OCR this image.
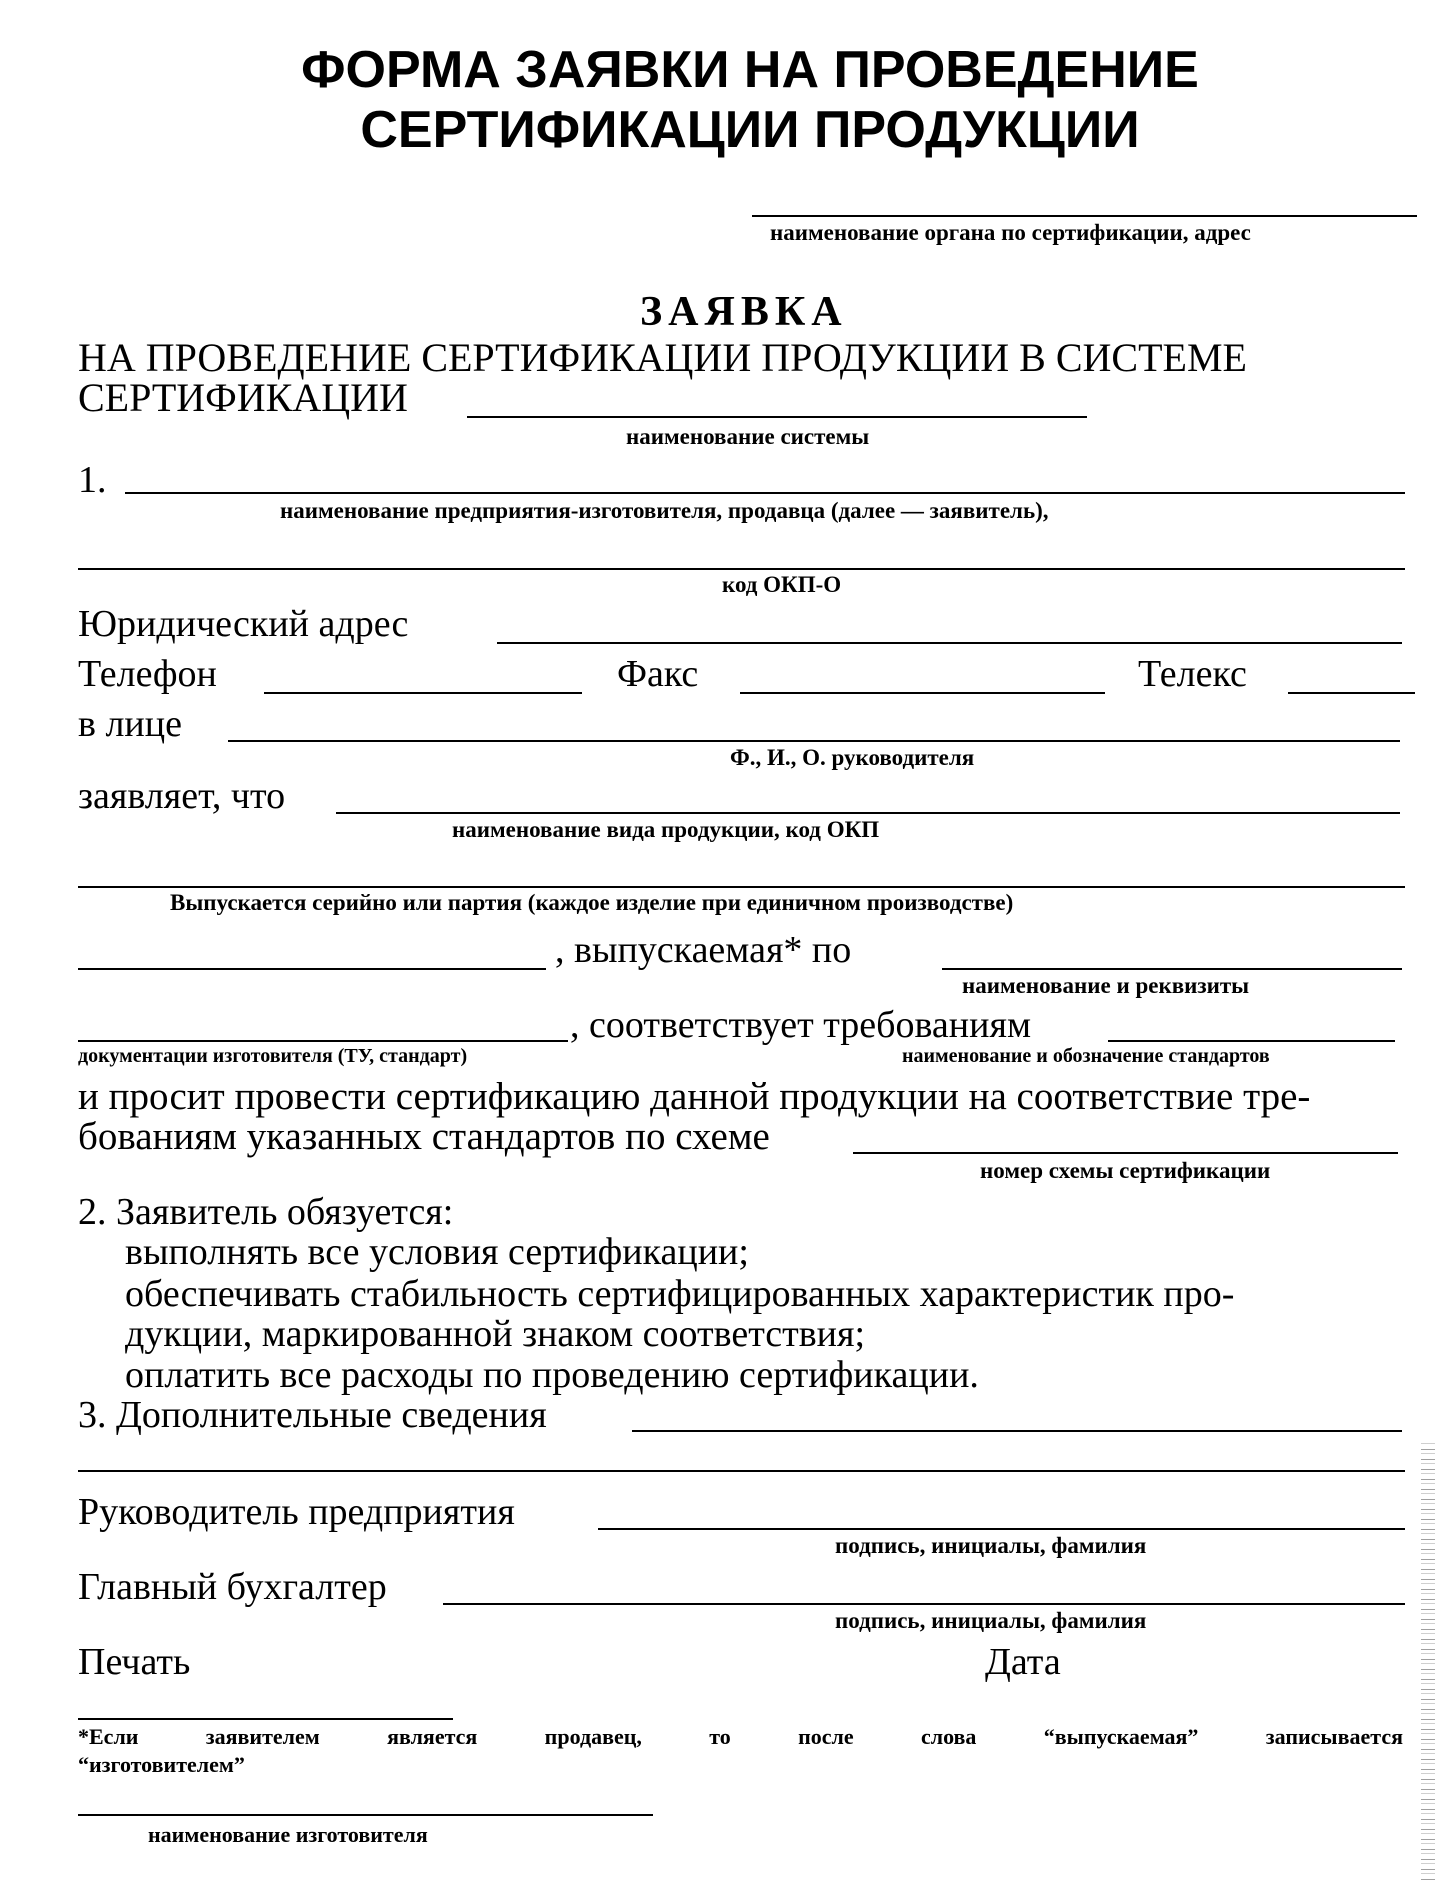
ФОРМА ЗАЯВКИ НА ПРОВЕДЕНИЕ
СЕРТИФИКАЦИИ ПРОДУКЦИИ
наименование органа по сертификации, адрес
ЗАЯВКА
НА ПРОВЕДЕНИЕ СЕРТИФИКАЦИИ ПРОДУКЦИИ В СИСТЕМЕ
СЕРТИФИКАЦИИ
наименование системы
1.
наименование предприятия-изготовителя, продавца (далее — заявитель),
код ОКП-О
Юридический адрес
Телефон	Факс	Телекс
в лице
Ф., И., О. руководителя
заявляет, что
наименование вида продукции, код ОКП
Выпускается серийно или партия (каждое изделие при единичном производстве)
, выпускаемая* по
наименование и реквизиты
, соответствует требованиям
документации изготовителя (ТУ, стандарт)	наименование и обозначение стандартов
и просит провести сертификацию данной продукции на соответствие тре-
бованиям указанных стандартов по схеме
номер схемы сертификации
2. Заявитель обязуется:
выполнять все условия сертификации;
обеспечивать стабильность сертифицированных характеристик про-
дукции, маркированной знаком соответствия;
оплатить все расходы по проведению сертификации.
3. Дополнительные сведения
Руководитель предприятия
подпись, инициалы, фамилия
Главный бухгалтер
подпись, инициалы, фамилия
Печать	Дата
*Если	заявителем	является	продавец,	то	после	слова	“выпускаемая”	записывается
“изготовителем”
наименование изготовителя
